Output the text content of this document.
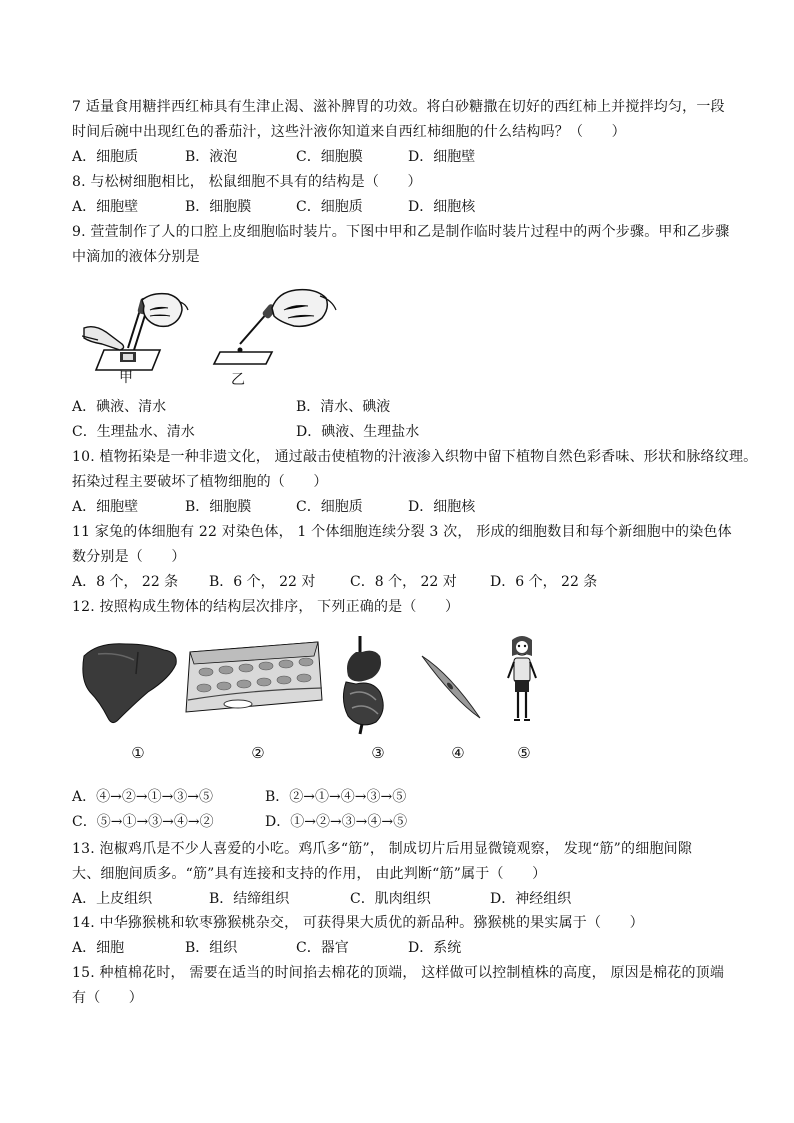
7 适量食用糖拌西红柿具有生津止渴、滋补脾胃的功效。将白砂糖撒在切好的西红柿上并搅拌均匀，一段
时间后碗中出现红色的番茄汁，这些汁液你知道来自西红柿细胞的什么结构吗？（　　）
A．细胞质	B．液泡	C．细胞膜	D．细胞壁
8. 与松树细胞相比， 松鼠细胞不具有的结构是（　　）
A．细胞壁	B．细胞膜	C．细胞质	D．细胞核
9. 萱萱制作了人的口腔上皮细胞临时装片。下图中甲和乙是制作临时装片过程中的两个步骤。甲和乙步骤
中滴加的液体分别是
甲	乙
A．碘液、清水	B．清水、碘液
C．生理盐水、清水	D．碘液、生理盐水
10. 植物拓染是一种非遗文化， 通过敲击使植物的汁液渗入织物中留下植物自然色彩香味、形状和脉络纹理。
拓染过程主要破坏了植物细胞的（　　）
A．细胞壁	B．细胞膜	C．细胞质	D．细胞核
11 家兔的体细胞有 22 对染色体， 1 个体细胞连续分裂 3 次， 形成的细胞数目和每个新细胞中的染色体
数分别是（　　）
A．8 个， 22 条 B．6 个， 22 对 C．8 个， 22 对 D．6 个， 22 条
12. 按照构成生物体的结构层次排序， 下列正确的是（　　）
①	②	③	④	⑤
A．④→②→①→③→⑤	B．②→①→④→③→⑤
C．⑤→①→③→④→②	D．①→②→③→④→⑤
13. 泡椒鸡爪是不少人喜爱的小吃。鸡爪多“筋”， 制成切片后用显微镜观察， 发现“筋”的细胞间隙
大、细胞间质多。“筋”具有连接和支持的作用， 由此判断“筋”属于（　　）
A．上皮组织	B．结缔组织	C．肌肉组织	D．神经组织
14. 中华猕猴桃和软枣猕猴桃杂交， 可获得果大质优的新品种。猕猴桃的果实属于（　　）
A．细胞	B．组织	C．器官	D．系统
15. 种植棉花时， 需要在适当的时间掐去棉花的顶端， 这样做可以控制植株的高度， 原因是棉花的顶端
有（　　）
